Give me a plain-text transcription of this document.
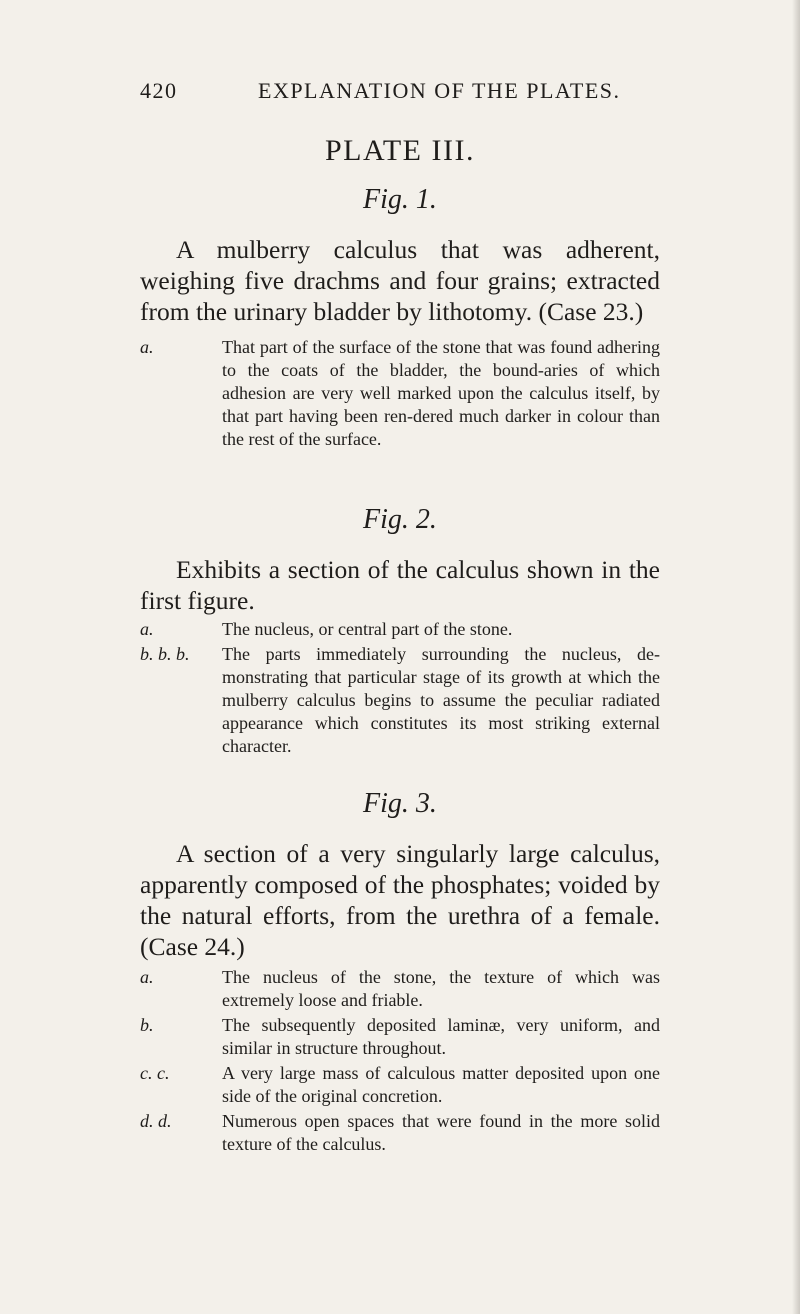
420	EXPLANATION OF THE PLATES.
PLATE III.
Fig. 1.

A mulberry calculus that was adherent, weighing five drachms and four grains; extracted from the urinary bladder by lithotomy. (Case 23.)

a.	That part of the surface of the stone that was found adhering to the coats of the bladder, the bound-aries of which adhesion are very well marked upon the calculus itself, by that part having been ren-dered much darker in colour than the rest of the surface.
Fig. 2.

Exhibits a section of the calculus shown in the first figure.

a.	The nucleus, or central part of the stone.
b. b. b.	The parts immediately surrounding the nucleus, de-monstrating that particular stage of its growth at which the mulberry calculus begins to assume the peculiar radiated appearance which constitutes its most striking external character.
Fig. 3.

A section of a very singularly large calculus, apparently composed of the phosphates; voided by the natural efforts, from the urethra of a female. (Case 24.)

a.	The nucleus of the stone, the texture of which was extremely loose and friable.
b.	The subsequently deposited laminæ, very uniform, and similar in structure throughout.
c. c.	A very large mass of calculous matter deposited upon one side of the original concretion.
d. d.	Numerous open spaces that were found in the more solid texture of the calculus.
